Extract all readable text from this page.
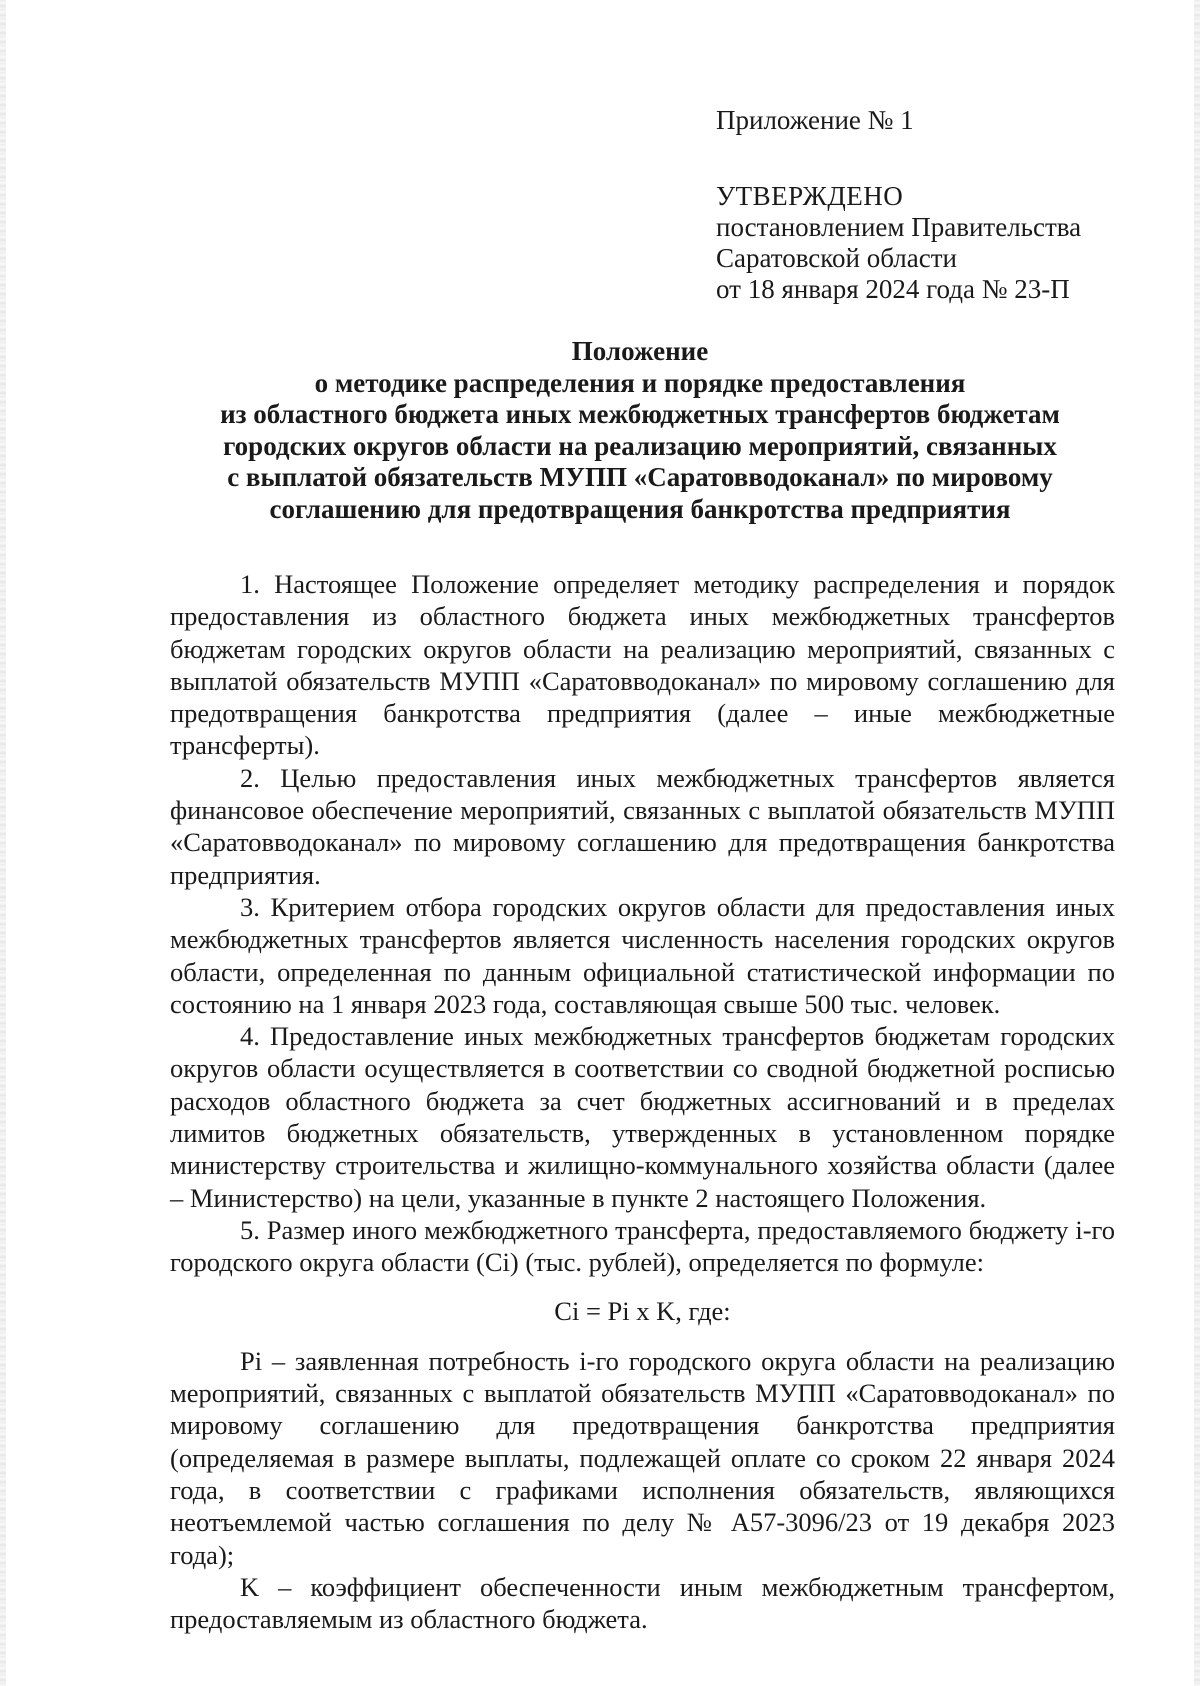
Приложение № 1
УТВЕРЖДЕНО
постановлением Правительства
Саратовской области
от 18 января 2024 года № 23-П
Положение
о методике распределения и порядке предоставления
из областного бюджета иных межбюджетных трансфертов бюджетам
городских округов области на реализацию мероприятий, связанных
с выплатой обязательств МУПП «Саратовводоканал» по мировому
соглашению для предотвращения банкротства предприятия

1. Настоящее Положение определяет методику распределения и порядок предоставления из областного бюджета иных межбюджетных трансфертов бюджетам городских округов области на реализацию мероприятий, связанных с выплатой обязательств МУПП «Саратовводоканал» по мировому соглашению для предотвращения банкротства предприятия (далее – иные межбюджетные трансферты).

2. Целью предоставления иных межбюджетных трансфертов является финансовое обеспечение мероприятий, связанных с выплатой обязательств МУПП «Саратовводоканал» по мировому соглашению для предотвращения банкротства предприятия.

3. Критерием отбора городских округов области для предоставления иных межбюджетных трансфертов является численность населения городских округов области, определенная по данным официальной статистической информации по состоянию на 1 января 2023 года, составляющая свыше 500 тыс. человек.

4. Предоставление иных межбюджетных трансфертов бюджетам городских округов области осуществляется в соответствии со сводной бюджетной росписью расходов областного бюджета за счет бюджетных ассигнований и в пределах лимитов бюджетных обязательств, утвержденных в установленном порядке министерству строительства и жилищно-коммунального хозяйства области (далее – Министерство) на цели, указанные в пункте 2 настоящего Положения.

5. Размер иного межбюджетного трансферта, предоставляемого бюджету i-го городского округа области (Ci) (тыс. рублей), определяется по формуле:

Ci = Pi x K, где:

Pi – заявленная потребность i-го городского округа области на реализацию мероприятий, связанных с выплатой обязательств МУПП «Саратовводоканал» по мировому соглашению для предотвращения банкротства предприятия (определяемая в размере выплаты, подлежащей оплате со сроком 22 января 2024 года, в соответствии с графиками исполнения обязательств, являющихся неотъемлемой частью соглашения по делу № А57-3096/23 от 19 декабря 2023 года);

K – коэффициент обеспеченности иным межбюджетным трансфертом, предоставляемым из областного бюджета.
